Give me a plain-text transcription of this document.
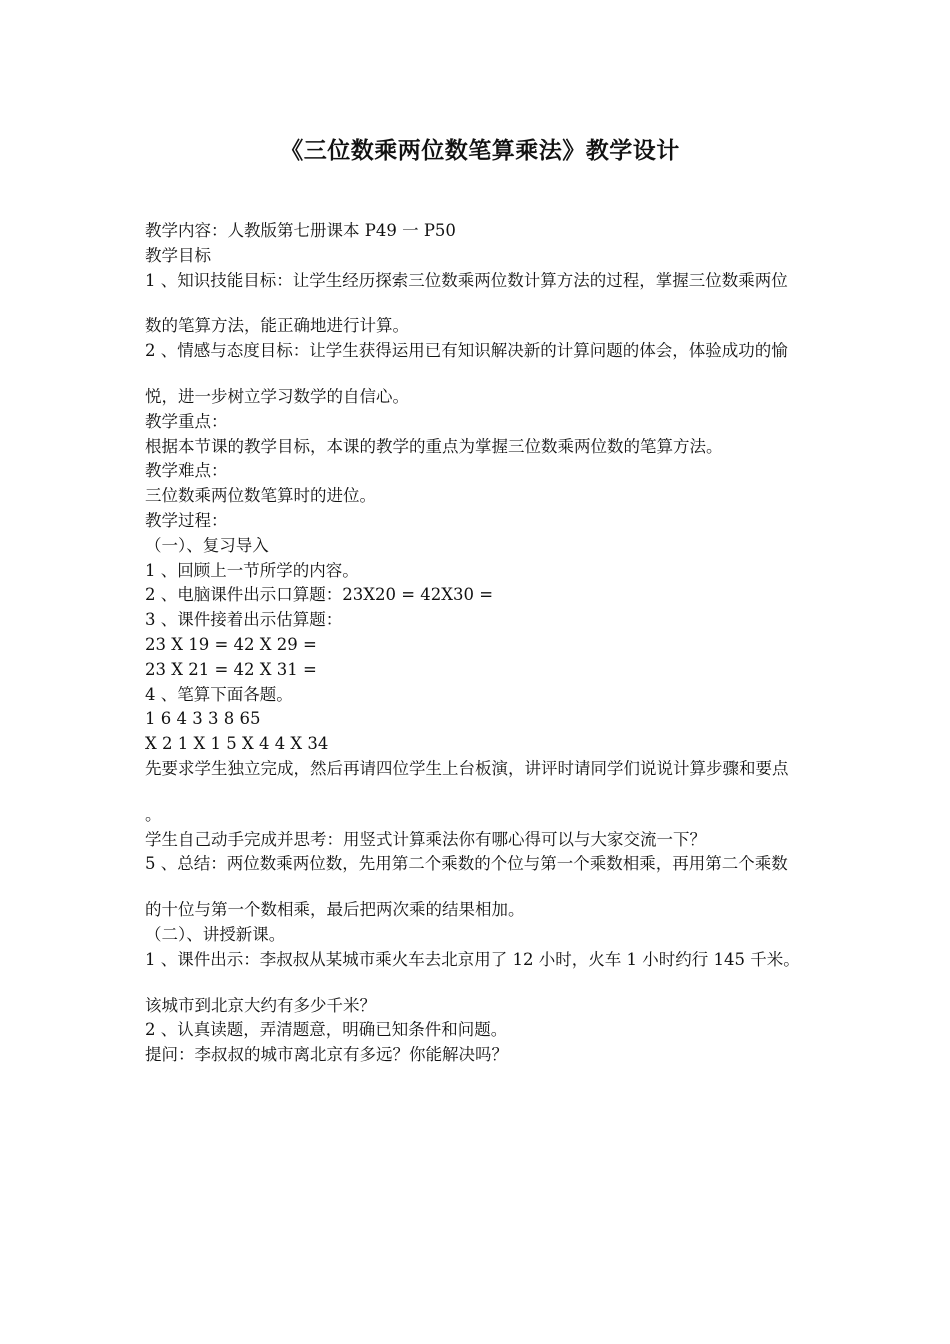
《三位数乘两位数笔算乘法》教学设计
教学内容：人教版第七册课本 P49 一 P50
教学目标
1 、知识技能目标：让学生经历探索三位数乘两位数计算方法的过程，掌握三位数乘两位
数的笔算方法，能正确地进行计算。
2 、情感与态度目标：让学生获得运用已有知识解决新的计算问题的体会，体验成功的愉
悦，进一步树立学习数学的自信心。
教学重点：
根据本节课的教学目标，本课的教学的重点为掌握三位数乘两位数的笔算方法。
教学难点：
三位数乘两位数笔算时的进位。
教学过程：
（一）、复习导入
1 、回顾上一节所学的内容。
2 、电脑课件出示口算题：23X20 = 42X30 =
3 、课件接着出示估算题：
23 X 19 = 42 X 29 =
23 X 21 = 42 X 31 =
4 、笔算下面各题。
1 6 4 3 3 8 65
X 2 1 X 1 5 X 4 4 X 34
先要求学生独立完成，然后再请四位学生上台板演，讲评时请同学们说说计算步骤和要点
。
学生自己动手完成并思考：用竖式计算乘法你有哪心得可以与大家交流一下？
5 、总结：两位数乘两位数，先用第二个乘数的个位与第一个乘数相乘，再用第二个乘数
的十位与第一个数相乘，最后把两次乘的结果相加。
（二）、讲授新课。
1 、课件出示：李叔叔从某城市乘火车去北京用了 12 小时，火车 1 小时约行 145 千米。
该城市到北京大约有多少千米？
2 、认真读题，弄清题意，明确已知条件和问题。
提问：李叔叔的城市离北京有多远？你能解决吗？
